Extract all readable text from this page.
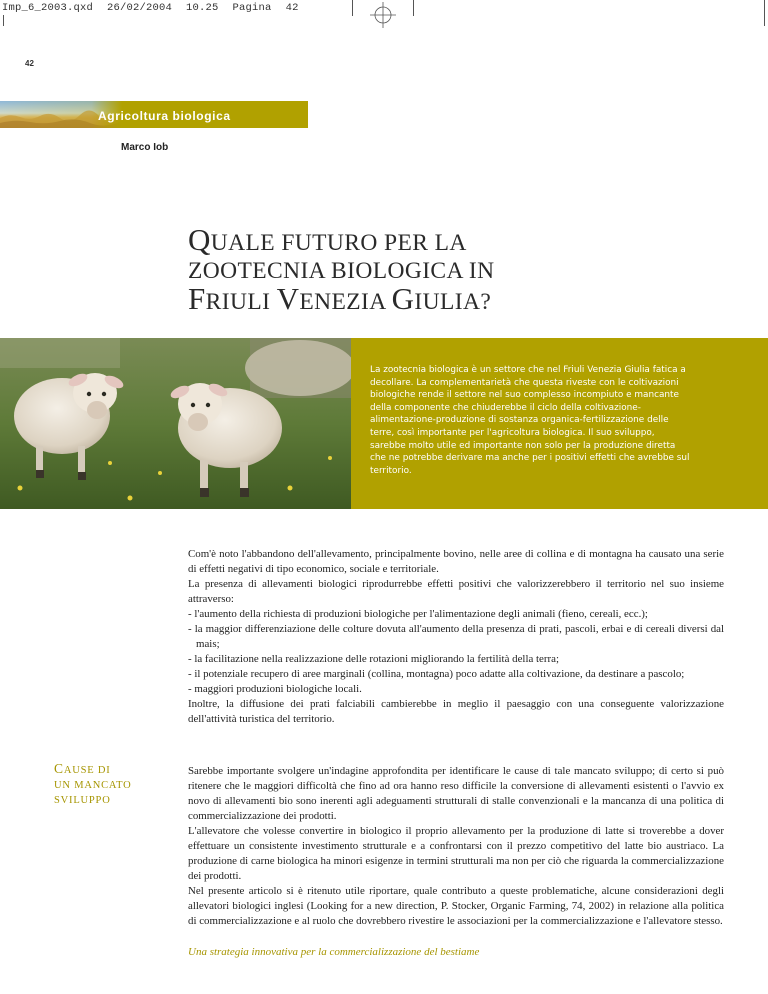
Imp_6_2003.qxd 26/02/2004 10.25 Pagina 42
42
Agricoltura biologica
Marco Iob
QUALE FUTURO PER LA
ZOOTECNIA BIOLOGICA IN
FRIULI VENEZIA GIULIA?

La zootecnia biologica è un settore che nel Friuli Venezia Giulia fatica a decollare. La complementarietà che questa riveste con le coltivazioni biologiche rende il settore nel suo complesso incompiuto e mancante della componente che chiuderebbe il ciclo della coltivazione-alimentazione-produzione di sostanza organica-fertilizzazione delle terre, così importante per l'agricoltura biologica. Il suo sviluppo, sarebbe molto utile ed importante non solo per la produzione diretta che ne potrebbe derivare ma anche per i positivi effetti che avrebbe sul territorio.

Com'è noto l'abbandono dell'allevamento, principalmente bovino, nelle aree di collina e di montagna ha causato una serie di effetti negativi di tipo economico, sociale e territoriale.

La presenza di allevamenti biologici riprodurrebbe effetti positivi che valorizzerebbero il territorio nel suo insieme attraverso:

- l'aumento della richiesta di produzioni biologiche per l'alimentazione degli animali (fieno, cereali, ecc.);

- la maggior differenziazione delle colture dovuta all'aumento della presenza di prati, pascoli, erbai e di cereali diversi dal mais;

- la facilitazione nella realizzazione delle rotazioni migliorando la fertilità della terra;

- il potenziale recupero di aree marginali (collina, montagna) poco adatte alla coltivazione, da destinare a pascolo;

- maggiori produzioni biologiche locali.

Inoltre, la diffusione dei prati falciabili cambierebbe in meglio il paesaggio con una conseguente valorizzazione dell'attività turistica del territorio.

CAUSE DI
UN MANCATO
SVILUPPO

Sarebbe importante svolgere un'indagine approfondita per identificare le cause di tale mancato sviluppo; di certo si può ritenere che le maggiori difficoltà che fino ad ora hanno reso difficile la conversione di allevamenti esistenti o l'avvio ex novo di allevamenti bio sono inerenti agli adeguamenti strutturali di stalle convenzionali e la mancanza di una politica di commercializzazione dei prodotti.

L'allevatore che volesse convertire in biologico il proprio allevamento per la produzione di latte si troverebbe a dover effettuare un consistente investimento strutturale e a confrontarsi con il prezzo competitivo del latte bio austriaco. La produzione di carne biologica ha minori esigenze in termini strutturali ma non per ciò che riguarda la commercializzazione dei prodotti.

Nel presente articolo si è ritenuto utile riportare, quale contributo a queste problematiche, alcune considerazioni degli allevatori biologici inglesi (Looking for a new direction, P. Stocker, Organic Farming, 74, 2002) in relazione alla politica di commercializzazione e al ruolo che dovrebbero rivestire le associazioni per la commercializzazione e l'allevatore stesso.

Una strategia innovativa per la commercializzazione del bestiame
